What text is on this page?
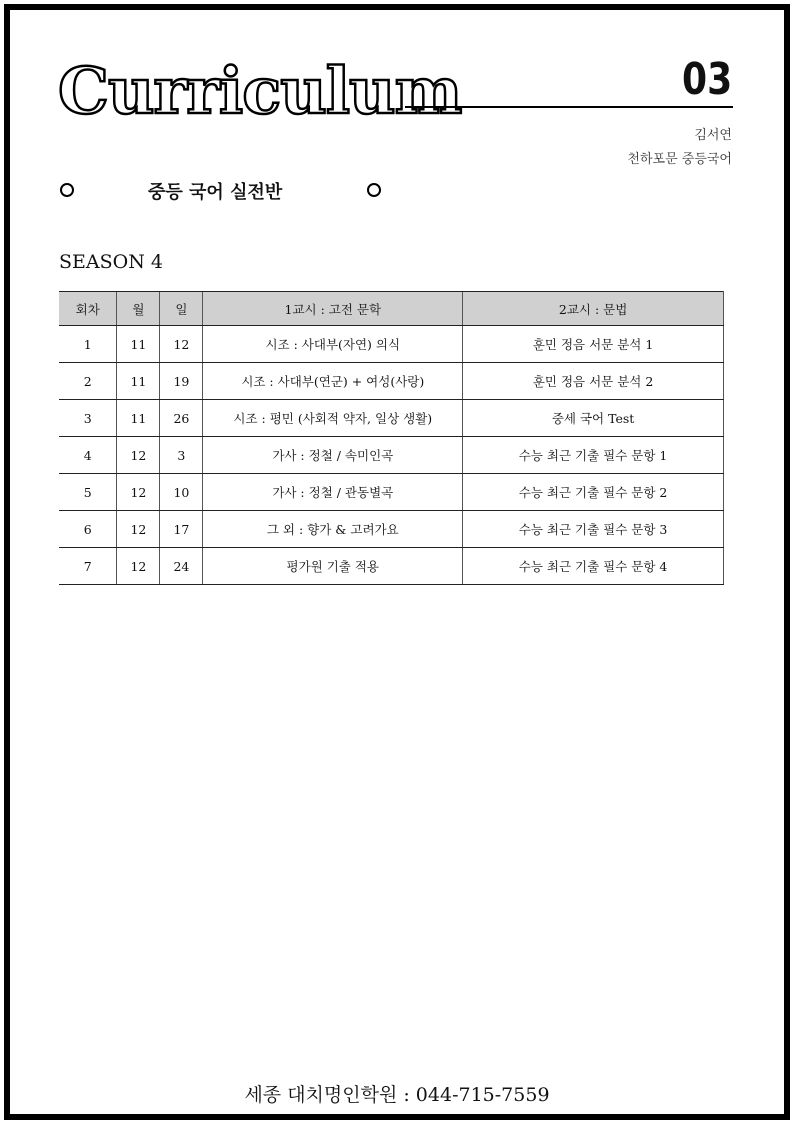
Curriculum	03
김서연
천하포문 중등국어
중등 국어 실전반
SEASON 4
회차	월	일	1교시 : 고전 문학	2교시 : 문법
1	11	12	시조 : 사대부(자연) 의식	훈민 정음 서문 분석 1
2	11	19	시조 : 사대부(연군) + 여성(사랑)	훈민 정음 서문 분석 2
3	11	26	시조 : 평민 (사회적 약자, 일상 생활)	중세 국어 Test
4	12	3	가사 : 정철 / 속미인곡	수능 최근 기출 필수 문항 1
5	12	10	가사 : 정철 / 관동별곡	수능 최근 기출 필수 문항 2
6	12	17	그 외 : 향가 & 고려가요	수능 최근 기출 필수 문항 3
7	12	24	평가원 기출 적용	수능 최근 기출 필수 문항 4
세종 대치명인학원 : 044-715-7559
